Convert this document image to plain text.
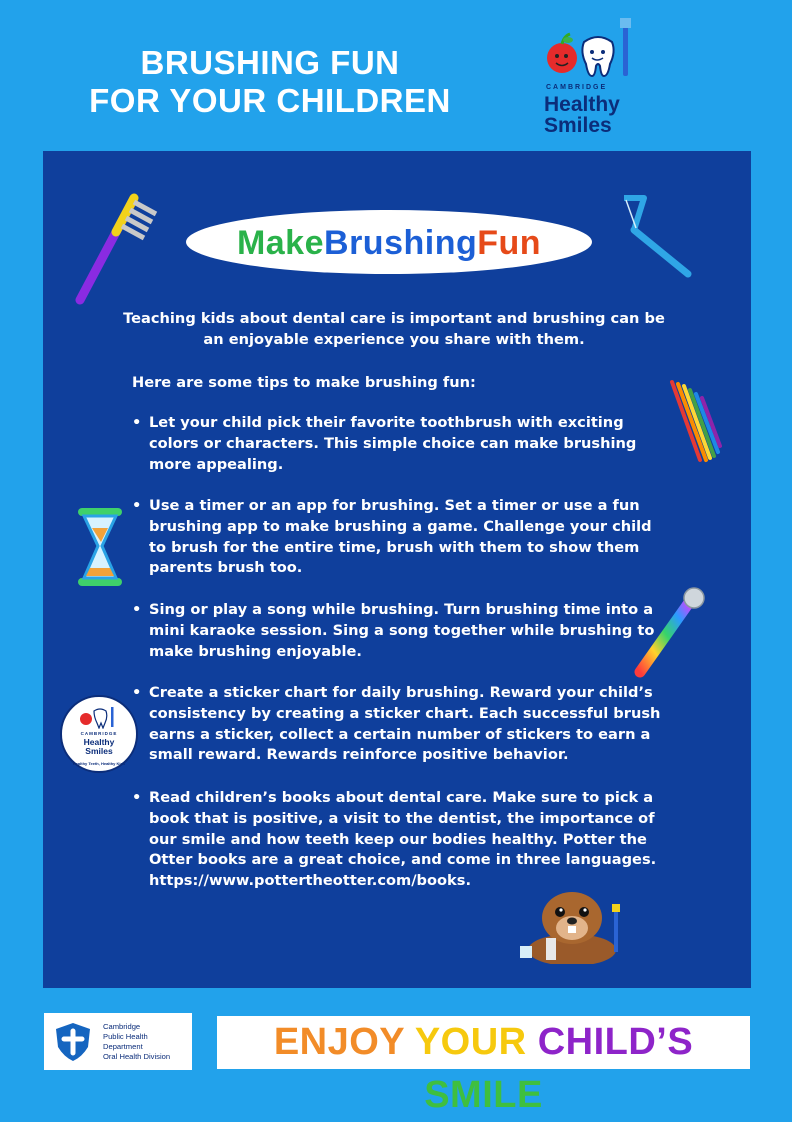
BRUSHING FUN
FOR YOUR CHILDREN	CAMBRIDGE
Healthy
Smiles
MakeBrushingFun
CAMBRIDGE
Healthy
Smiles
Healthy Teeth, Healthy Kids
Teaching kids about dental care is important and brushing can be an enjoyable experience you share with them.
Here are some tips to make brushing fun:
• Let your child pick their favorite toothbrush with exciting colors or characters. This simple choice can make brushing more appealing.
• Use a timer or an app for brushing. Set a timer or use a fun brushing app to make brushing a game. Challenge your child to brush for the entire time, brush with them to show them parents brush too.
• Sing or play a song while brushing. Turn brushing time into a mini karaoke session. Sing a song together while brushing to make brushing enjoyable.
• Create a sticker chart for daily brushing. Reward your child’s consistency by creating a sticker chart. Each successful brush earns a sticker, collect a certain number of stickers to earn a small reward. Rewards reinforce positive behavior.
• Read children’s books about dental care. Make sure to pick a book that is positive, a visit to the dentist, the importance of our smile and how teeth keep our bodies healthy. Potter the Otter books are a great choice, and come in three languages. https://www.pottertheotter.com/books.
Cambridge
Public Health
Department
Oral Health Division	ENJOY YOUR CHILD’S SMILE
